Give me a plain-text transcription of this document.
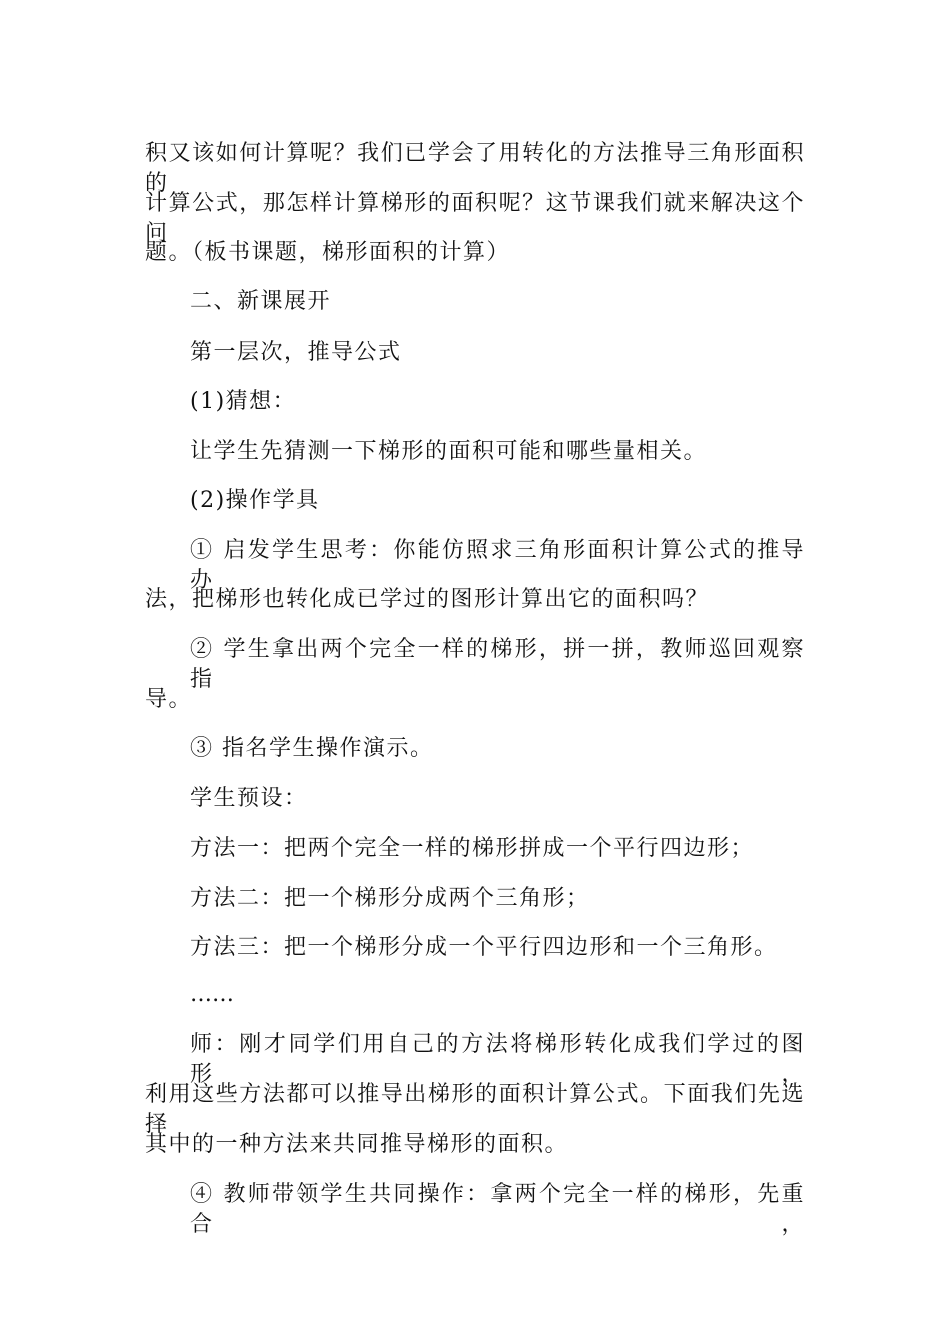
积又该如何计算呢？我们已学会了用转化的方法推导三角形面积的
计算公式，那怎样计算梯形的面积呢？这节课我们就来解决这个问
题。（板书课题，梯形面积的计算）
二、新课展开
第一层次，推导公式
(1)猜想：
让学生先猜测一下梯形的面积可能和哪些量相关。
(2)操作学具
① 启发学生思考：你能仿照求三角形面积计算公式的推导办
法，把梯形也转化成已学过的图形计算出它的面积吗？
② 学生拿出两个完全一样的梯形，拼一拼，教师巡回观察指
导。
③ 指名学生操作演示。
学生预设：
方法一：把两个完全一样的梯形拼成一个平行四边形；
方法二：把一个梯形分成两个三角形；
方法三：把一个梯形分成一个平行四边形和一个三角形。
……
师：刚才同学们用自己的方法将梯形转化成我们学过的图形，
利用这些方法都可以推导出梯形的面积计算公式。下面我们先选择
其中的一种方法来共同推导梯形的面积。
④ 教师带领学生共同操作：拿两个完全一样的梯形，先重合，
